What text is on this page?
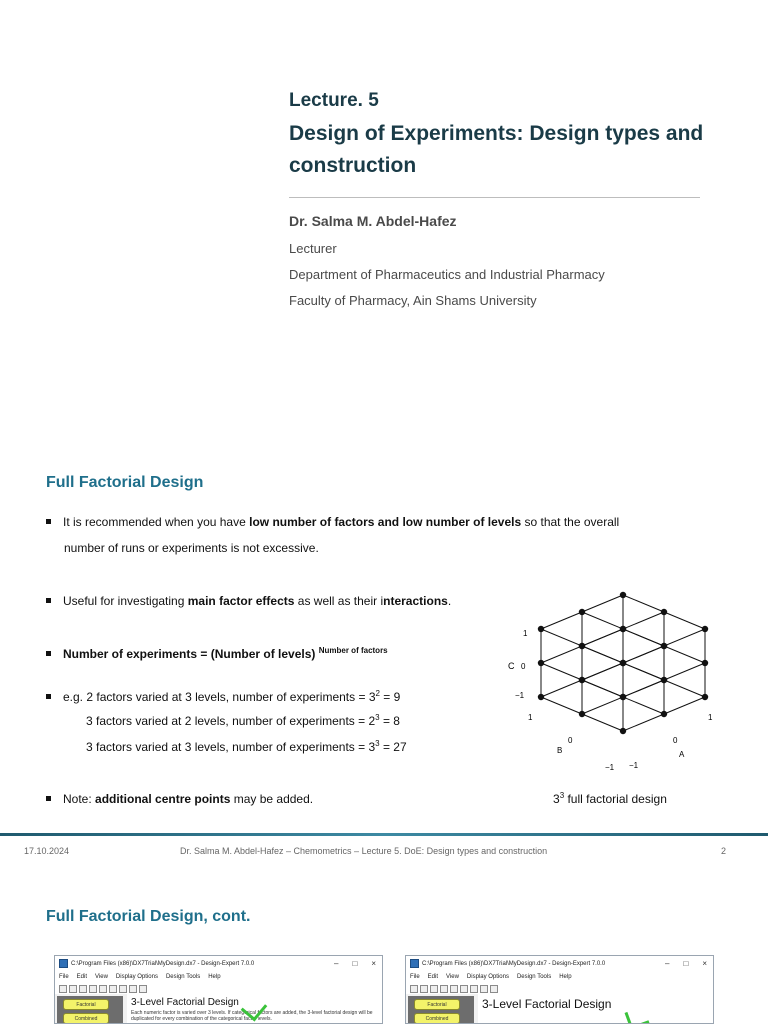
Lecture. 5
Design of Experiments: Design types and construction
Dr. Salma M. Abdel-Hafez
Lecturer
Department of Pharmaceutics and Industrial Pharmacy
Faculty of Pharmacy, Ain Shams University
Full Factorial Design
It is recommended when you have low number of factors and low number of levels so that the overall
number of runs or experiments is not excessive.
Useful for investigating main factor effects as well as their interactions.
Number of experiments = (Number of levels) $^{Number of factors}$
e.g. 2 factors varied at 3 levels, number of experiments = $3^2 = 9$
3 factors varied at 2 levels, number of experiments = $2^3 = 8$
3 factors varied at 3 levels, number of experiments = $3^3 = 27$
Note: additional centre points may be added.
1
C 0
−1
1
0
B
−1 −1
0
A
1
$3^3$ full factorial design
17.10.2024	Dr. Salma M. Abdel-Hafez – Chemometrics – Lecture 5. DoE: Design types and construction	2
Full Factorial Design, cont.
C:\Program Files (x86)\DX7Trial\MyDesign.dx7 - Design-Expert 7.0.0	– □ ×
File Edit View Display Options Design Tools Help
Factorial
Combined
3-Level Factorial Design
Each numeric factor is varied over 3 levels. If categorical factors are added, the 3-level factorial design will be duplicated for every combination of the categorical factor levels.
C:\Program Files (x86)\DX7Trial\MyDesign.dx7 - Design-Expert 7.0.0	– □ ×
File Edit View Display Options Design Tools Help
Factorial
Combined
3-Level Factorial Design
